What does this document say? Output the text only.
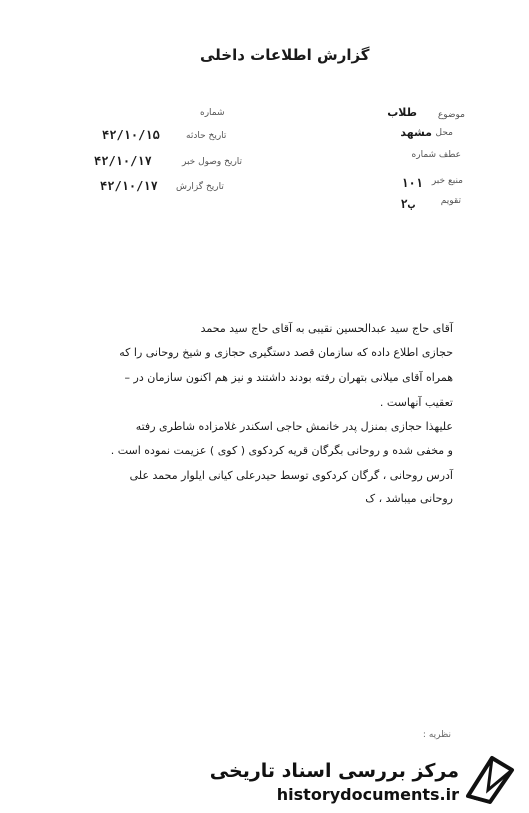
گزارش اطلاعات داخلی
موضوع
طلاب
محل
مشهد
عطف شماره
منبع خبر
۱۰۱
تقویم
ب۲
شماره
تاریخ حادثه
۴۲/۱۰/۱۵
تاریخ وصول خبر
۴۲/۱۰/۱۷
تاریخ گزارش
۴۲/۱۰/۱۷
آقای حاج سید عبدالحسین نقیبی به آقای حاج سید محمد
حجازی اطلاع داده که سازمان قصد دستگیری حجازی و شیخ روحانی را که
همراه آقای میلانی بتهران رفته بودند داشتند و نیز هم اکنون سازمان در –
تعقیب آنهاست .
علیهذا حجازی بمنزل پدر خانمش حاجی اسکندر غلامزاده شاطری رفته
و مخفی شده و روحانی بگرگان قریه کردکوی ( کوی ) عزیمت نموده است .
آدرس روحانی ، گرگان کردکوی توسط حیدرعلی کیانی ایلوار محمد علی
روحانی میباشد ، ک
نظریه :
مرکز بررسی اسناد تاریخی
historydocuments.ir
